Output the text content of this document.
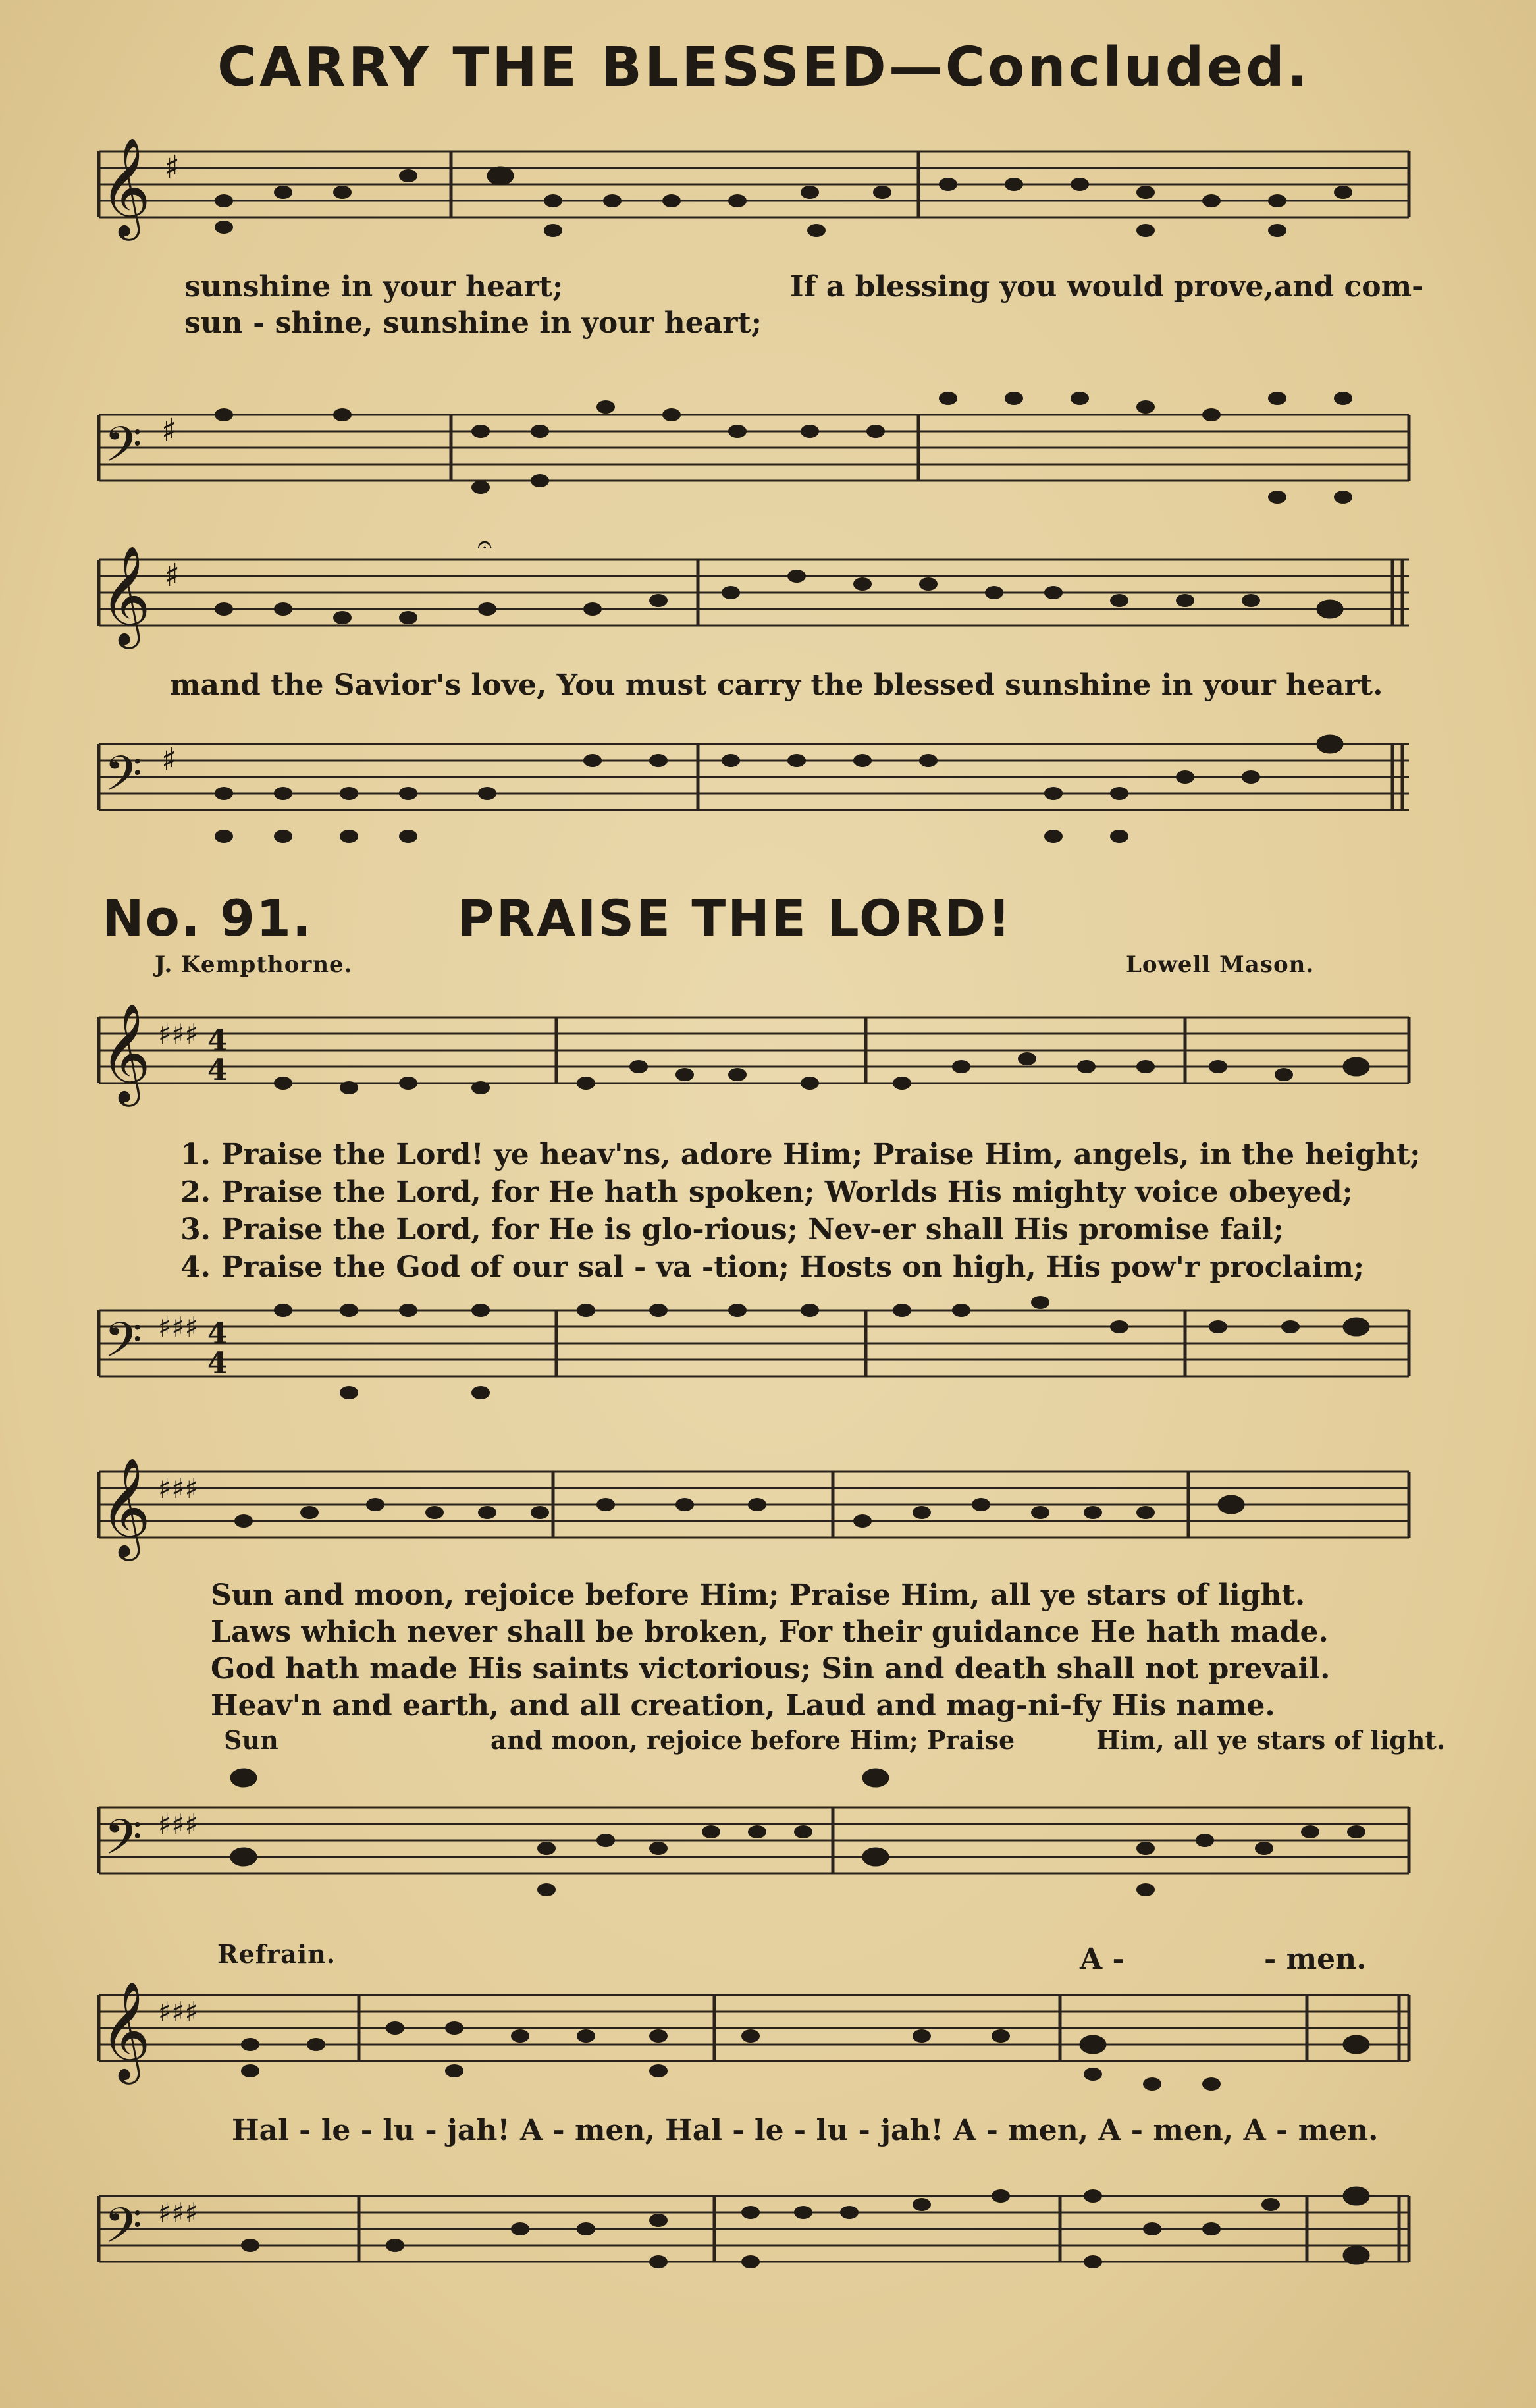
CARRY THE BLESSED—Concluded.
𝄞 ♯
sunshine in your heart;	If a blessing you would prove,and com-
sun - shine, sunshine in your heart;
𝄢 ♯
𝄞 ♯
𝄐
mand the Savior's love, You must carry the blessed sunshine in your heart.
𝄢 ♯
No. 91.	PRAISE THE LORD!
J. Kempthorne.	Lowell Mason.
𝄞 ♯♯♯ 4
4
1. Praise the Lord! ye heav'ns, adore Him; Praise Him, angels, in the height;
2. Praise the Lord, for He hath spoken; Worlds His mighty voice obeyed;
3. Praise the Lord, for He is glo-rious; Nev-er shall His promise fail;
4. Praise the God of our sal - va -tion; Hosts on high, His pow'r proclaim;
𝄢 ♯♯♯ 4
4
𝄞 ♯♯♯
Sun and moon, rejoice before Him; Praise Him, all ye stars of light.
Laws which never shall be broken, For their guidance He hath made.
God hath made His saints victorious; Sin and death shall not prevail.
Heav'n and earth, and all creation, Laud and mag-ni-fy His name.
Sun	and moon, rejoice before Him; Praise	Him, all ye stars of light.
𝄢 ♯♯♯
Refrain.	A -	- men.
𝄞 ♯♯♯
Hal - le - lu - jah! A - men, Hal - le - lu - jah! A - men, A - men, A - men.
𝄢 ♯♯♯
